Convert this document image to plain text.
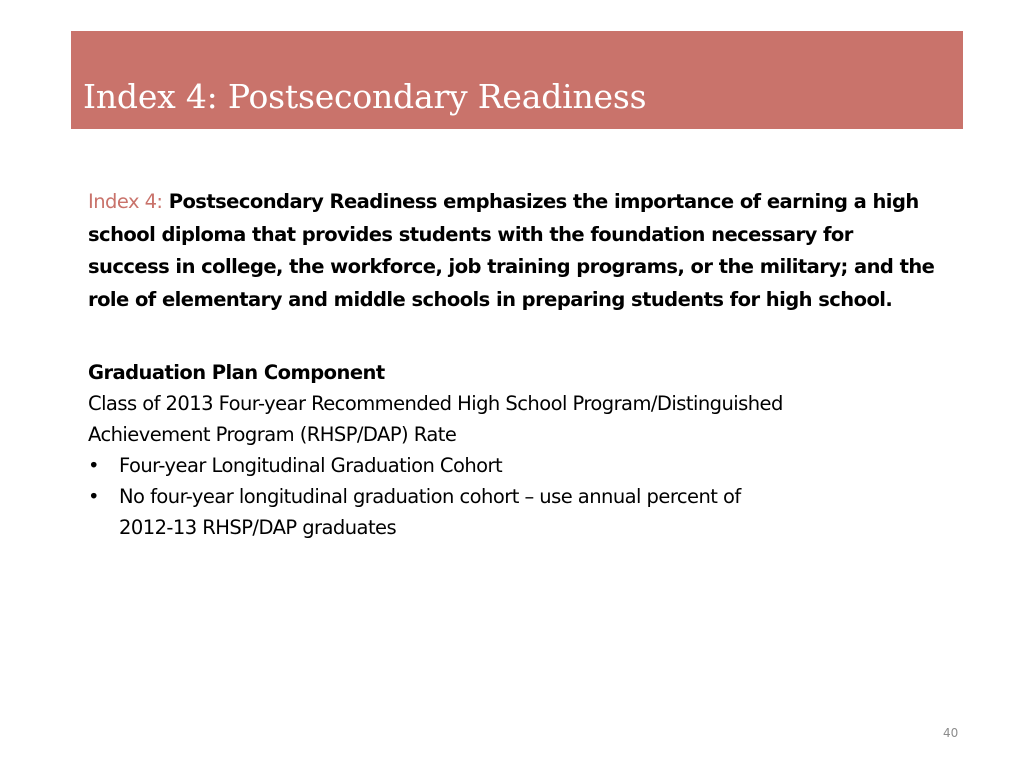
Index 4: Postsecondary Readiness
Index 4: Postsecondary Readiness emphasizes the importance of earning a high
school diploma that provides students with the foundation necessary for
success in college, the workforce, job training programs, or the military; and the
role of elementary and middle schools in preparing students for high school.
Graduation Plan Component
Class of 2013 Four-year Recommended High School Program/Distinguished
Achievement Program (RHSP/DAP) Rate
• Four-year Longitudinal Graduation Cohort
• No four-year longitudinal graduation cohort – use annual percent of
2012-13 RHSP/DAP graduates
40
